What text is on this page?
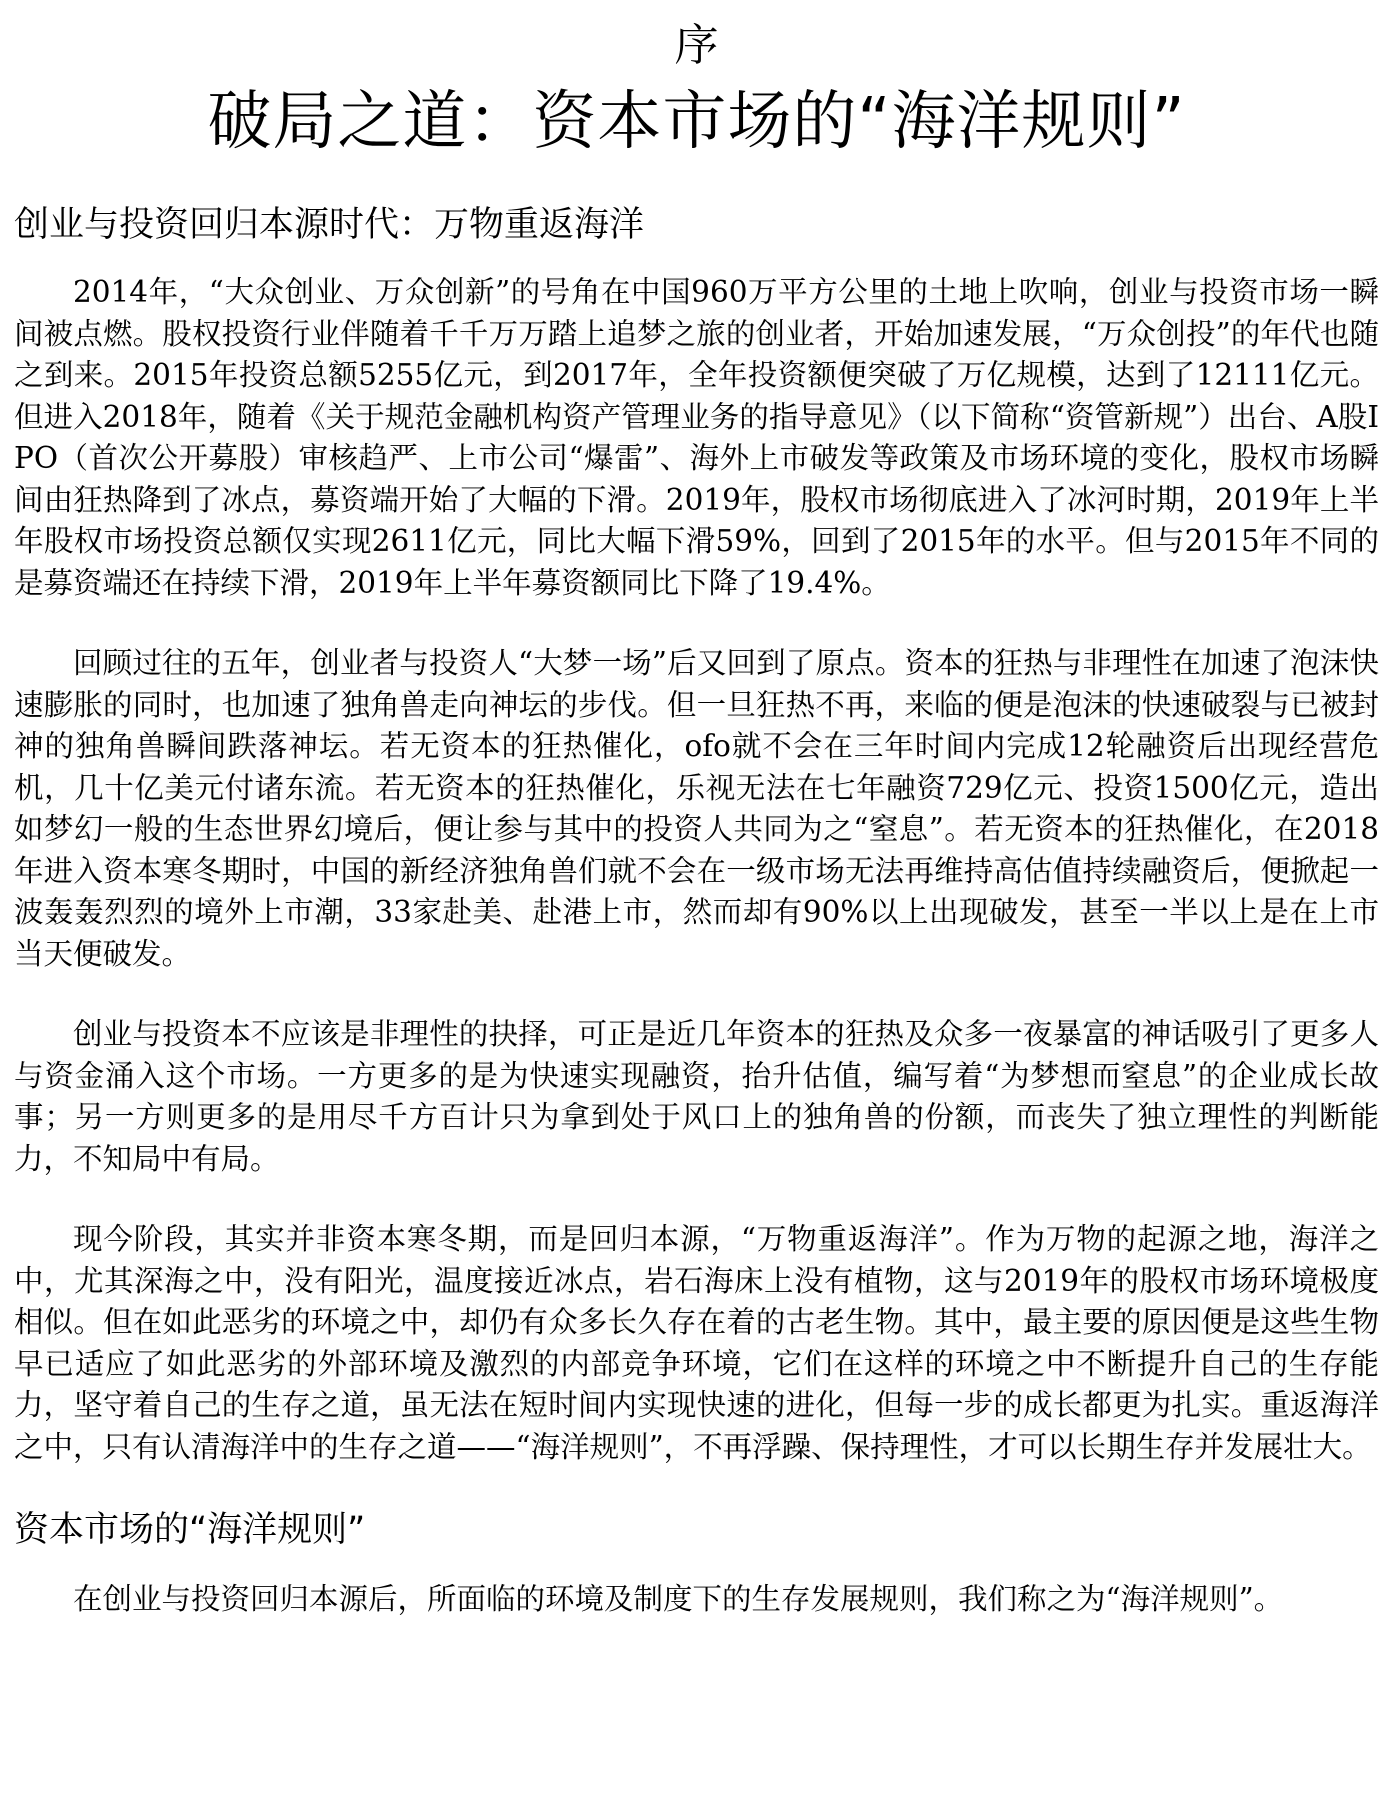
序
破局之道：资本市场的“海洋规则”
创业与投资回归本源时代：万物重返海洋

2014年，“大众创业、万众创新”的号角在中国960万平方公里的土地上吹响，创业与投资市场一瞬间被点燃。股权投资行业伴随着千千万万踏上追梦之旅的创业者，开始加速发展，“万众创投”的年代也随之到来。2015年投资总额5255亿元，到2017年，全年投资额便突破了万亿规模，达到了12111亿元。但进入2018年，随着《关于规范金融机构资产管理业务的指导意见》（以下简称“资管新规”）出台、A股IPO（首次公开募股）审核趋严、上市公司“爆雷”、海外上市破发等政策及市场环境的变化，股权市场瞬间由狂热降到了冰点，募资端开始了大幅的下滑。2019年，股权市场彻底进入了冰河时期，2019年上半年股权市场投资总额仅实现2611亿元，同比大幅下滑59%，回到了2015年的水平。但与2015年不同的是募资端还在持续下滑，2019年上半年募资额同比下降了19.4%。

回顾过往的五年，创业者与投资人“大梦一场”后又回到了原点。资本的狂热与非理性在加速了泡沫快速膨胀的同时，也加速了独角兽走向神坛的步伐。但一旦狂热不再，来临的便是泡沫的快速破裂与已被封神的独角兽瞬间跌落神坛。若无资本的狂热催化，ofo就不会在三年时间内完成12轮融资后出现经营危机，几十亿美元付诸东流。若无资本的狂热催化，乐视无法在七年融资729亿元、投资1500亿元，造出如梦幻一般的生态世界幻境后，便让参与其中的投资人共同为之“窒息”。若无资本的狂热催化，在2018年进入资本寒冬期时，中国的新经济独角兽们就不会在一级市场无法再维持高估值持续融资后，便掀起一波轰轰烈烈的境外上市潮，33家赴美、赴港上市，然而却有90%以上出现破发，甚至一半以上是在上市当天便破发。

创业与投资本不应该是非理性的抉择，可正是近几年资本的狂热及众多一夜暴富的神话吸引了更多人与资金涌入这个市场。一方更多的是为快速实现融资，抬升估值，编写着“为梦想而窒息”的企业成长故事；另一方则更多的是用尽千方百计只为拿到处于风口上的独角兽的份额，而丧失了独立理性的判断能力，不知局中有局。

现今阶段，其实并非资本寒冬期，而是回归本源，“万物重返海洋”。作为万物的起源之地，海洋之中，尤其深海之中，没有阳光，温度接近冰点，岩石海床上没有植物，这与2019年的股权市场环境极度相似。但在如此恶劣的环境之中，却仍有众多长久存在着的古老生物。其中，最主要的原因便是这些生物早已适应了如此恶劣的外部环境及激烈的内部竞争环境，它们在这样的环境之中不断提升自己的生存能力，坚守着自己的生存之道，虽无法在短时间内实现快速的进化，但每一步的成长都更为扎实。重返海洋之中，只有认清海洋中的生存之道——“海洋规则”，不再浮躁、保持理性，才可以长期生存并发展壮大。

资本市场的“海洋规则”

在创业与投资回归本源后，所面临的环境及制度下的生存发展规则，我们称之为“海洋规则”。
